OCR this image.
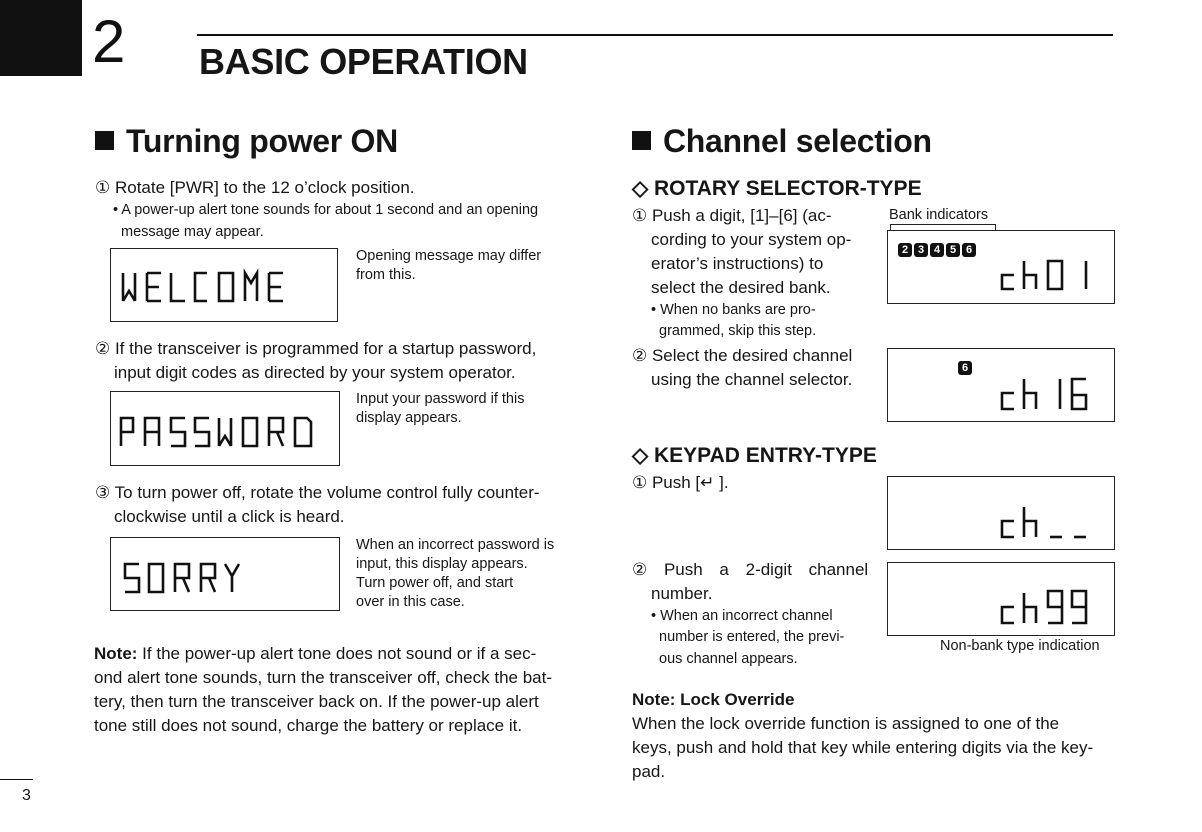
2 BASIC OPERATION
Turning power ON
① Rotate [PWR] to the 12 o’clock position.
• A power-up alert tone sounds for about 1 second and an opening
message may appear.
Opening message may differ
from this.
② If the transceiver is programmed for a startup password,
input digit codes as directed by your system operator.
Input your password if this
display appears.
③ To turn power off, rotate the volume control fully counter-
clockwise until a click is heard.
When an incorrect password is
input, this display appears.
Turn power off, and start
over in this case.
Note: If the power-up alert tone does not sound or if a sec-
ond alert tone sounds, turn the transceiver off, check the bat-
tery, then turn the transceiver back on. If the power-up alert
tone still does not sound, charge the battery or replace it.
Channel selection
◇ ROTARY SELECTOR-TYPE
① Push a digit, [1]–[6] (ac-
cording to your system op-
erator’s instructions) to
select the desired bank.
• When no banks are pro-
grammed, skip this step.
Bank indicators
2 3 4 5 6
② Select the desired channel
using the channel selector.
6
◇ KEYPAD ENTRY-TYPE
① Push [↵ ].
② Push a 2-digit channel
number.
• When an incorrect channel
number is entered, the previ-
ous channel appears.
Non-bank type indication
Note: Lock Override
When the lock override function is assigned to one of the
keys, push and hold that key while entering digits via the key-
pad.
3
